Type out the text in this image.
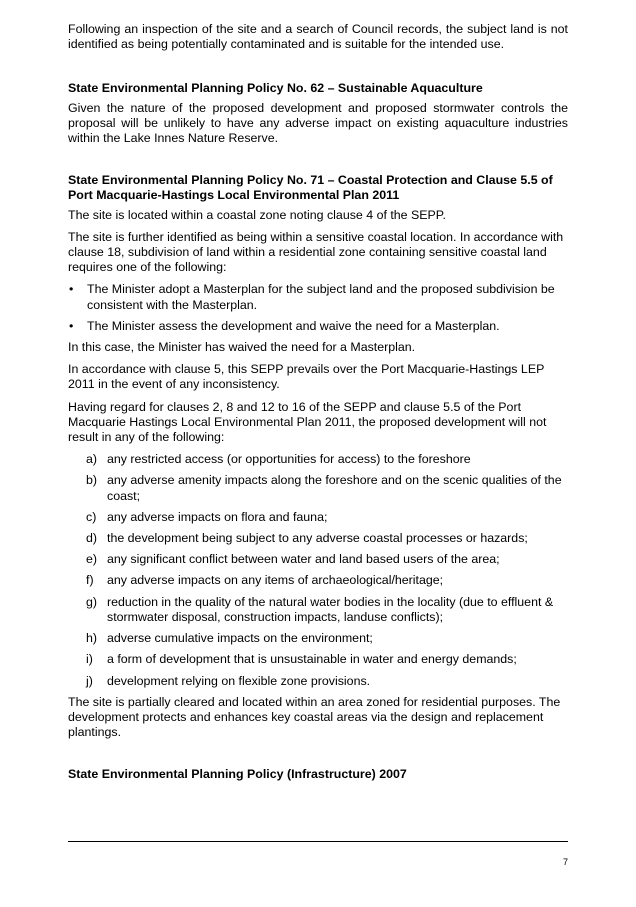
Following an inspection of the site and a search of Council records, the subject land is not identified as being potentially contaminated and is suitable for the intended use.

State Environmental Planning Policy No. 62 – Sustainable Aquaculture

Given the nature of the proposed development and proposed stormwater controls the proposal will be unlikely to have any adverse impact on existing aquaculture industries within the Lake Innes Nature Reserve.

State Environmental Planning Policy No. 71 – Coastal Protection and Clause 5.5 of Port Macquarie-Hastings Local Environmental Plan 2011

The site is located within a coastal zone noting clause 4 of the SEPP.

The site is further identified as being within a sensitive coastal location. In accordance with clause 18, subdivision of land within a residential zone containing sensitive coastal land requires one of the following:

• The Minister adopt a Masterplan for the subject land and the proposed subdivision be consistent with the Masterplan.
• The Minister assess the development and waive the need for a Masterplan.

In this case, the Minister has waived the need for a Masterplan.

In accordance with clause 5, this SEPP prevails over the Port Macquarie-Hastings LEP 2011 in the event of any inconsistency.

Having regard for clauses 2, 8 and 12 to 16 of the SEPP and clause 5.5 of the Port Macquarie Hastings Local Environmental Plan 2011, the proposed development will not result in any of the following:

a) any restricted access (or opportunities for access) to the foreshore
b) any adverse amenity impacts along the foreshore and on the scenic qualities of the coast;
c) any adverse impacts on flora and fauna;
d) the development being subject to any adverse coastal processes or hazards;
e) any significant conflict between water and land based users of the area;
f) any adverse impacts on any items of archaeological/heritage;
g) reduction in the quality of the natural water bodies in the locality (due to effluent & stormwater disposal, construction impacts, landuse conflicts);
h) adverse cumulative impacts on the environment;
i) a form of development that is unsustainable in water and energy demands;
j) development relying on flexible zone provisions.

The site is partially cleared and located within an area zoned for residential purposes. The development protects and enhances key coastal areas via the design and replacement plantings.

State Environmental Planning Policy (Infrastructure) 2007
7
